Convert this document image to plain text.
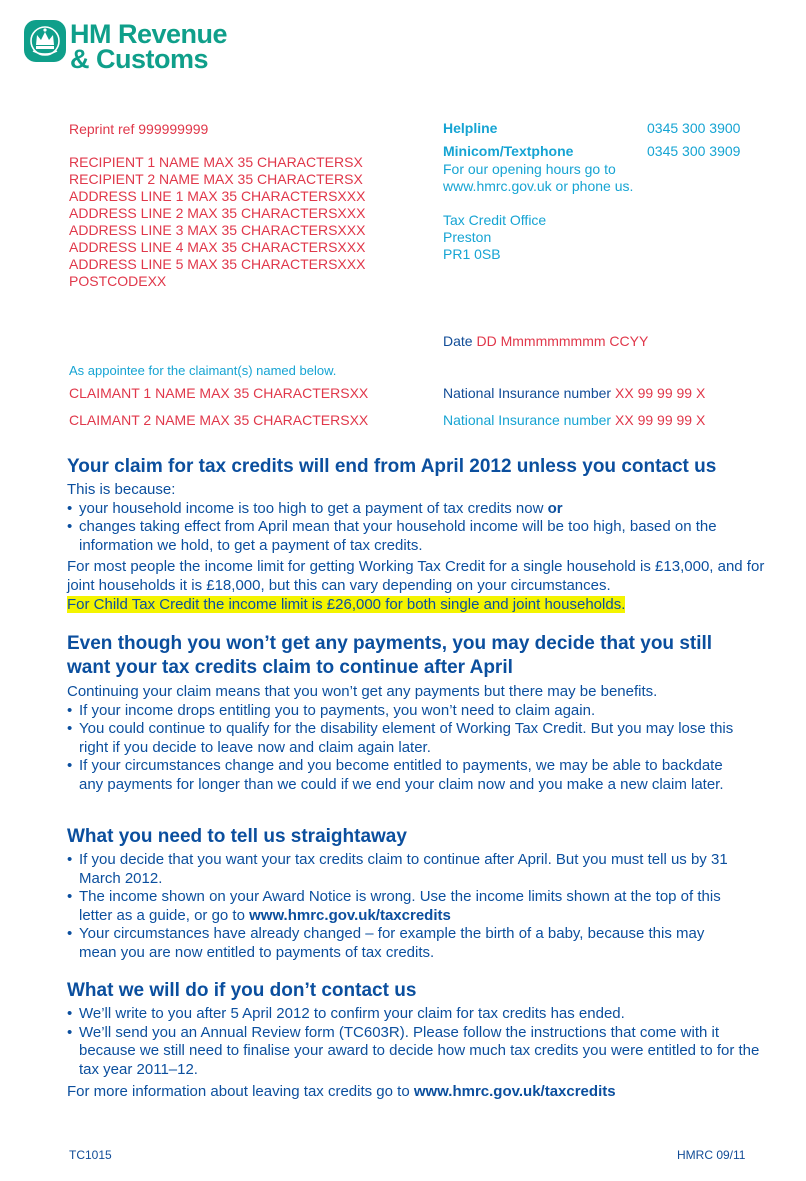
HM Revenue
& Customs
Reprint ref 999999999
RECIPIENT 1 NAME MAX 35 CHARACTERSX
RECIPIENT 2 NAME MAX 35 CHARACTERSX
ADDRESS LINE 1 MAX 35 CHARACTERSXXX
ADDRESS LINE 2 MAX 35 CHARACTERSXXX
ADDRESS LINE 3 MAX 35 CHARACTERSXXX
ADDRESS LINE 4 MAX 35 CHARACTERSXXX
ADDRESS LINE 5 MAX 35 CHARACTERSXXX
POSTCODEXX
Helpline	0345 300 3900
Minicom/Textphone	0345 300 3909
For our opening hours go to
www.hmrc.gov.uk or phone us.
Tax Credit Office
Preston
PR1 0SB
Date DD Mmmmmmmmm CCYY
As appointee for the claimant(s) named below.
CLAIMANT 1 NAME MAX 35 CHARACTERSXX	National Insurance number XX 99 99 99 X
CLAIMANT 2 NAME MAX 35 CHARACTERSXX	National Insurance number XX 99 99 99 X
Your claim for tax credits will end from April 2012 unless you contact us

This is because:

• your household income is too high to get a payment of tax credits now or
• changes taking effect from April mean that your household income will be too high, based on the information we hold, to get a payment of tax credits.

For most people the income limit for getting Working Tax Credit for a single household is £13,000, and for joint households it is £18,000, but this can vary depending on your circumstances.

For Child Tax Credit the income limit is £26,000 for both single and joint households.

Even though you won’t get any payments, you may decide that you still want your tax credits claim to continue after April

Continuing your claim means that you won’t get any payments but there may be benefits.

• If your income drops entitling you to payments, you won’t need to claim again.
• You could continue to qualify for the disability element of Working Tax Credit. But you may lose this right if you decide to leave now and claim again later.
• If your circumstances change and you become entitled to payments, we may be able to backdate any payments for longer than we could if we end your claim now and you make a new claim later.
What you need to tell us straightaway
• If you decide that you want your tax credits claim to continue after April. But you must tell us by 31 March 2012.
• The income shown on your Award Notice is wrong. Use the income limits shown at the top of this letter as a guide, or go to www.hmrc.gov.uk/taxcredits
• Your circumstances have already changed – for example the birth of a baby, because this may mean you are now entitled to payments of tax credits.
What we will do if you don’t contact us
• We’ll write to you after 5 April 2012 to confirm your claim for tax credits has ended.
• We’ll send you an Annual Review form (TC603R). Please follow the instructions that come with it because we still need to finalise your award to decide how much tax credits you were entitled to for the tax year 2011–12.

For more information about leaving tax credits go to www.hmrc.gov.uk/taxcredits

TC1015	HMRC 09/11
